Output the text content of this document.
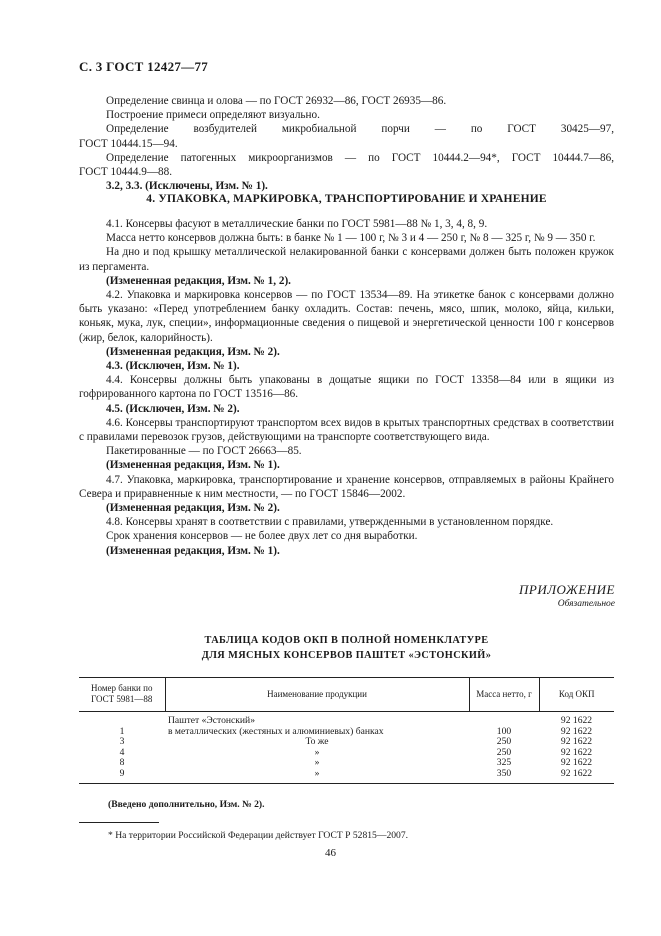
С. 3 ГОСТ 12427—77

Определение свинца и олова — по ГОСТ 26932—86, ГОСТ 26935—86.

Построение примеси определяют визуально.

Определение возбудителей микробиальной порчи — по ГОСТ 30425—97,

ГОСТ 10444.15—94.

Определение патогенных микроорганизмов — по ГОСТ 10444.2—94*, ГОСТ 10444.7—86,

ГОСТ 10444.9—88.

3.2, 3.3. (Исключены, Изм. № 1).

4. УПАКОВКА, МАРКИРОВКА, ТРАНСПОРТИРОВАНИЕ И ХРАНЕНИЕ

4.1. Консервы фасуют в металлические банки по ГОСТ 5981—88 № 1, 3, 4, 8, 9.

Масса нетто консервов должна быть: в банке № 1 — 100 г, № 3 и 4 — 250 г, № 8 — 325 г, № 9 — 350 г.

На дно и под крышку металлической нелакированной банки с консервами должен быть положен кружок из пергамента.

(Измененная редакция, Изм. № 1, 2).

4.2. Упаковка и маркировка консервов — по ГОСТ 13534—89. На этикетке банок с консервами должно быть указано: «Перед употреблением банку охладить. Состав: печень, мясо, шпик, молоко, яйца, кильки, коньяк, мука, лук, специи», информационные сведения о пищевой и энергетической ценности 100 г консервов (жир, белок, калорийность).

(Измененная редакция, Изм. № 2).

4.3. (Исключен, Изм. № 1).

4.4. Консервы должны быть упакованы в дощатые ящики по ГОСТ 13358—84 или в ящики из гофрированного картона по ГОСТ 13516—86.

4.5. (Исключен, Изм. № 2).

4.6. Консервы транспортируют транспортом всех видов в крытых транспортных средствах в соответствии с правилами перевозок грузов, действующими на транспорте соответствующего вида.

Пакетированные — по ГОСТ 26663—85.

(Измененная редакция, Изм. № 1).

4.7. Упаковка, маркировка, транспортирование и хранение консервов, отправляемых в районы Крайнего Севера и приравненные к ним местности, — по ГОСТ 15846—2002.

(Измененная редакция, Изм. № 2).

4.8. Консервы хранят в соответствии с правилами, утвержденными в установленном порядке.

Срок хранения консервов — не более двух лет со дня выработки.

(Измененная редакция, Изм. № 1).

ПРИЛОЖЕНИЕ
Обязательное
ТАБЛИЦА КОДОВ ОКП В ПОЛНОЙ НОМЕНКЛАТУРЕ
ДЛЯ МЯСНЫХ КОНСЕРВОВ ПАШТЕТ «ЭСТОНСКИЙ»
Номер банки по ГОСТ 5981—88	Наименование продукции	Масса нетто, г	Код ОКП
	Паштет «Эстонский»		92 1622
1	в металлических (жестяных и алюминиевых) банках	100	92 1622
3	То же	250	92 1622
4	»	250	92 1622
8	»	325	92 1622
9	»	350	92 1622
(Введено дополнительно, Изм. № 2).
* На территории Российской Федерации действует ГОСТ Р 52815—2007.
46
